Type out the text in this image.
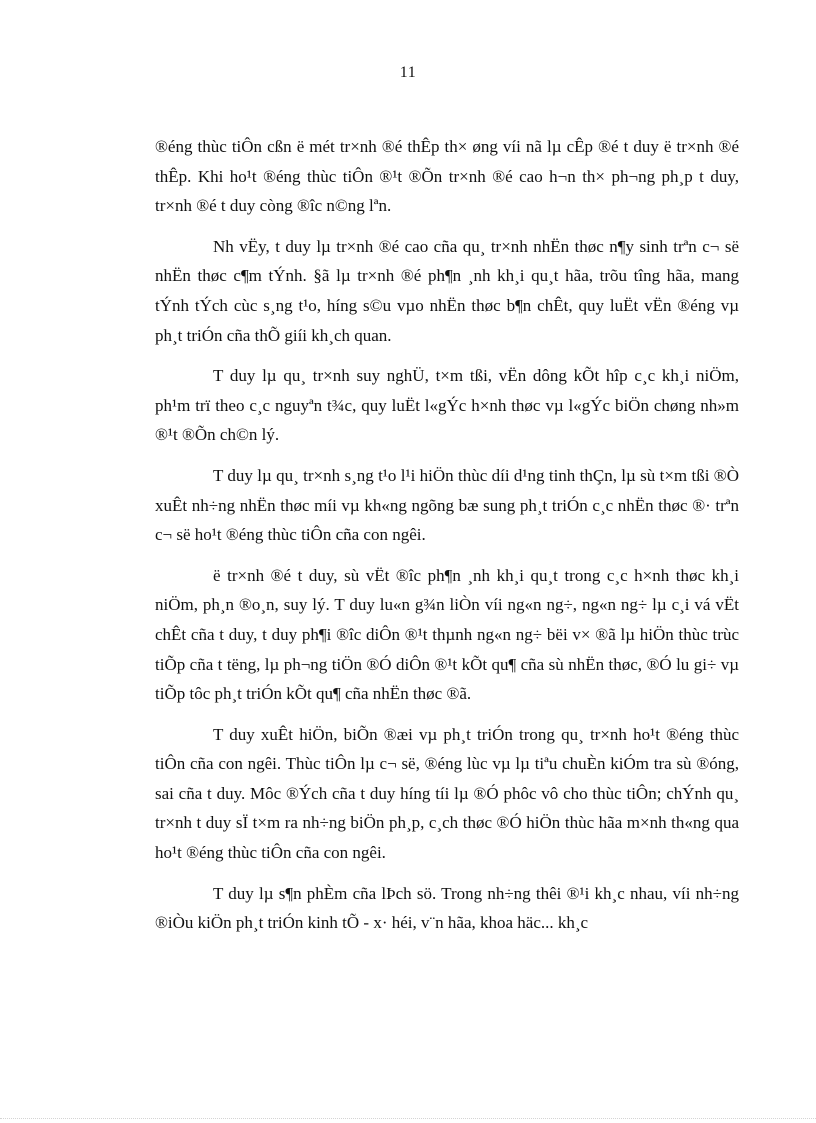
11

®éng thùc tiÔn cßn ë mét tr×nh ®é thÊp th× øng víi nã lµ cÊp ®é t duy ë tr×nh ®é thÊp. Khi ho¹t ®éng thùc tiÔn ®¹t ®Õn tr×nh ®é cao h¬n th× ph¬ng ph¸p t duy, tr×nh ®é t duy còng ®îc n©ng lªn.

Nh vËy, t duy lµ tr×nh ®é cao cña qu¸ tr×nh nhËn thøc n¶y sinh trªn c¬ së nhËn thøc c¶m tÝnh. §ã lµ tr×nh ®é ph¶n ¸nh kh¸i qu¸t hãa, trõu tîng hãa, mang tÝnh tÝch cùc s¸ng t¹o, híng s©u vµo nhËn thøc b¶n chÊt, quy luËt vËn ®éng vµ ph¸t triÓn cña thÕ giíi kh¸ch quan.

T duy lµ qu¸ tr×nh suy nghÜ, t×m tßi, vËn dông kÕt hîp c¸c kh¸i niÖm, ph¹m trï theo c¸c nguyªn t¾c, quy luËt l«gÝc h×nh thøc vµ l«gÝc biÖn chøng nh»m ®¹t ®Õn ch©n lý.

T duy lµ qu¸ tr×nh s¸ng t¹o l¹i hiÖn thùc díi d¹ng tinh thÇn, lµ sù t×m tßi ®Ò xuÊt nh÷ng nhËn thøc míi vµ kh«ng ngõng bæ sung ph¸t triÓn c¸c nhËn thøc ®· trªn c¬ së ho¹t ®éng thùc tiÔn cña con ngêi.

ë tr×nh ®é t duy, sù vËt ®îc ph¶n ¸nh kh¸i qu¸t trong c¸c h×nh thøc kh¸i niÖm, ph¸n ®o¸n, suy lý. T duy lu«n g¾n liÒn víi ng«n ng÷, ng«n ng÷ lµ c¸i vá vËt chÊt cña t duy, t duy ph¶i ®îc diÔn ®¹t thµnh ng«n ng÷ bëi v× ®ã lµ hiÖn thùc trùc tiÕp cña t tëng, lµ ph¬ng tiÖn ®Ó diÔn ®¹t kÕt qu¶ cña sù nhËn thøc, ®Ó lu gi÷ vµ tiÕp tôc ph¸t triÓn kÕt qu¶ cña nhËn thøc ®ã.

T duy xuÊt hiÖn, biÕn ®æi vµ ph¸t triÓn trong qu¸ tr×nh ho¹t ®éng thùc tiÔn cña con ngêi. Thùc tiÔn lµ c¬ së, ®éng lùc vµ lµ tiªu chuÈn kiÓm tra sù ®óng, sai cña t duy. Môc ®Ých cña t duy híng tíi lµ ®Ó phôc vô cho thùc tiÔn; chÝnh qu¸ tr×nh t duy sÏ t×m ra nh÷ng biÖn ph¸p, c¸ch thøc ®Ó hiÖn thùc hãa m×nh th«ng qua ho¹t ®éng thùc tiÔn cña con ngêi.

T duy lµ s¶n phÈm cña lÞch sö. Trong nh÷ng thêi ®¹i kh¸c nhau, víi nh÷ng ®iÒu kiÖn ph¸t triÓn kinh tÕ - x· héi, v¨n hãa, khoa häc... kh¸c
